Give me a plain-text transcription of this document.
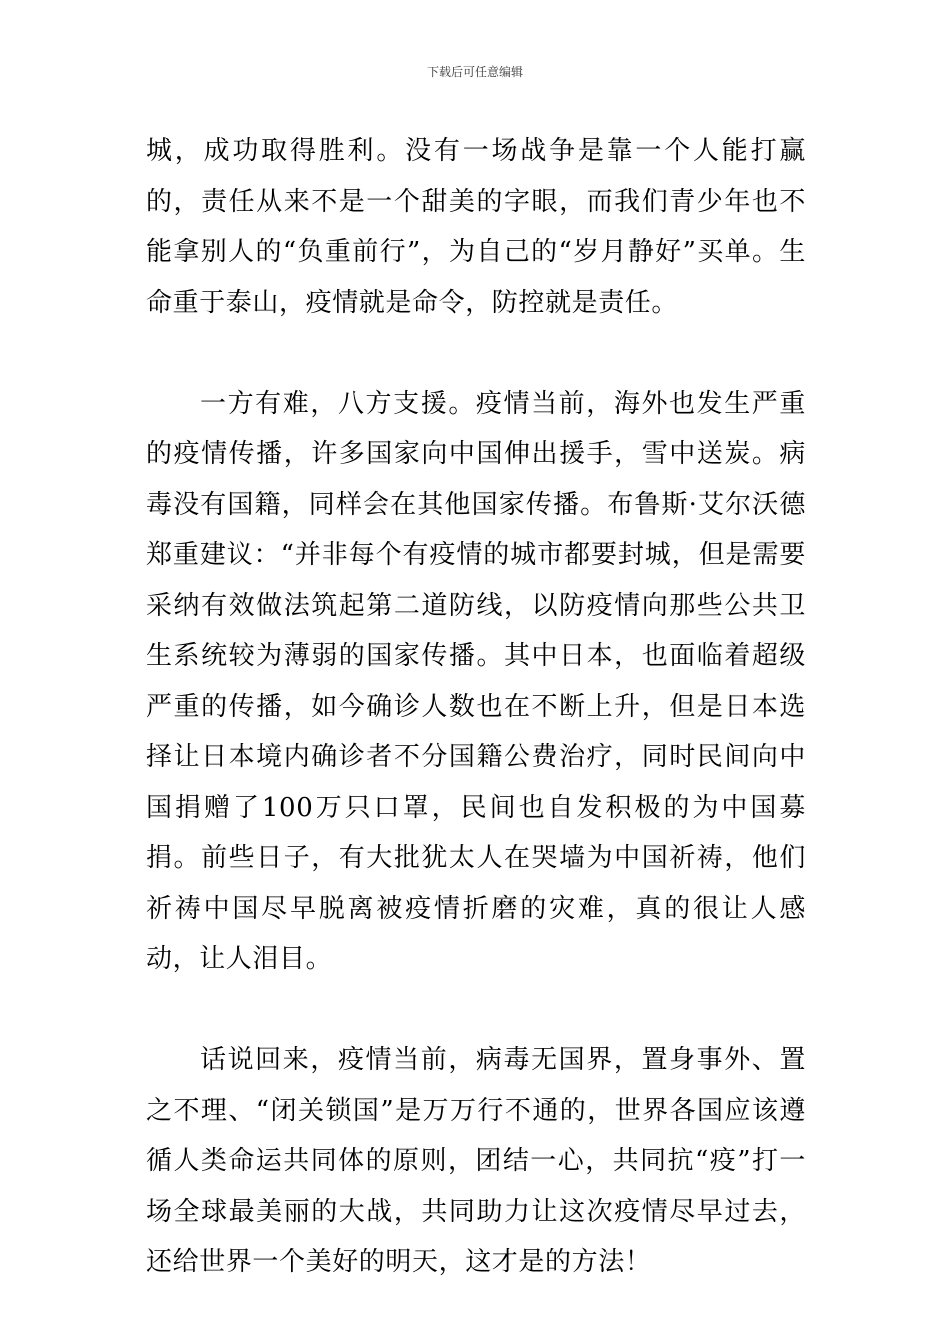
下载后可任意编辑

城，成功取得胜利。没有一场战争是靠一个人能打赢的，责任从来不是一个甜美的字眼，而我们青少年也不能拿别人的“负重前行”，为自己的“岁月静好”买单。生命重于泰山，疫情就是命令，防控就是责任。

一方有难，八方支援。疫情当前，海外也发生严重的疫情传播，许多国家向中国伸出援手，雪中送炭。病毒没有国籍，同样会在其他国家传播。布鲁斯·艾尔沃德郑重建议：“并非每个有疫情的城市都要封城，但是需要采纳有效做法筑起第二道防线，以防疫情向那些公共卫生系统较为薄弱的国家传播。其中日本，也面临着超级严重的传播，如今确诊人数也在不断上升，但是日本选择让日本境内确诊者不分国籍公费治疗，同时民间向中国捐赠了100万只口罩，民间也自发积极的为中国募捐。前些日子，有大批犹太人在哭墙为中国祈祷，他们祈祷中国尽早脱离被疫情折磨的灾难，真的很让人感动，让人泪目。

话说回来，疫情当前，病毒无国界，置身事外、置之不理、“闭关锁国”是万万行不通的，世界各国应该遵循人类命运共同体的原则，团结一心，共同抗“疫”打一场全球最美丽的大战，共同助力让这次疫情尽早过去，还给世界一个美好的明天，这才是的方法！
